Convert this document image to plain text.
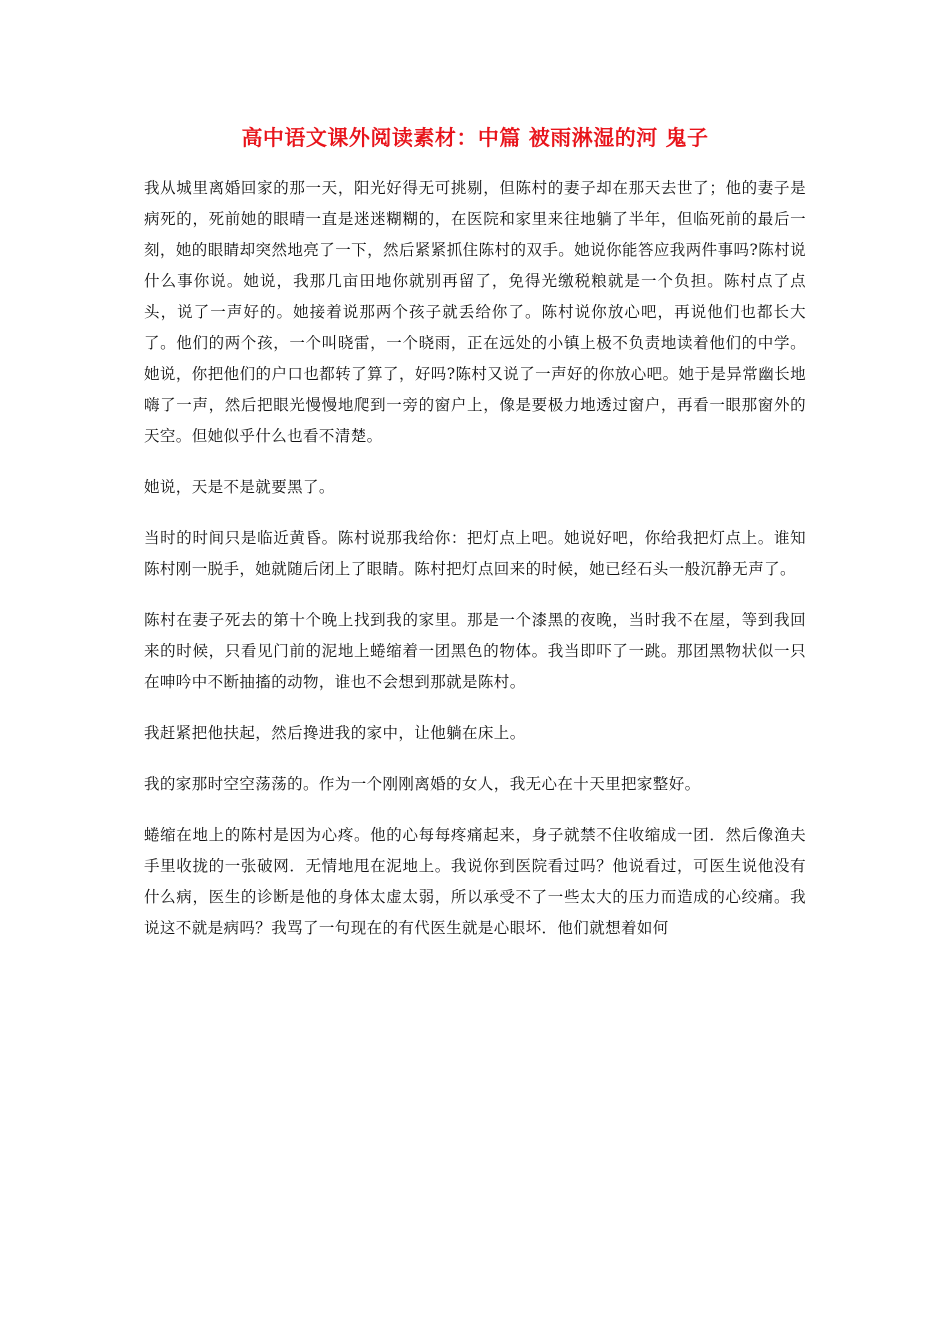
高中语文课外阅读素材：中篇 被雨淋湿的河 鬼子

我从城里离婚回家的那一天，阳光好得无可挑剔，但陈村的妻子却在那天去世了；他的妻子是病死的，死前她的眼晴一直是迷迷糊糊的，在医院和家里来往地躺了半年，但临死前的最后一刻，她的眼睛却突然地亮了一下，然后紧紧抓住陈村的双手。她说你能答应我两件事吗?陈村说什么事你说。她说，我那几亩田地你就别再留了，免得光缴税粮就是一个负担。陈村点了点头，说了一声好的。她接着说那两个孩子就丢给你了。陈村说你放心吧，再说他们也都长大了。他们的两个孩，一个叫晓雷，一个晓雨，正在远处的小镇上极不负责地读着他们的中学。她说，你把他们的户口也都转了算了，好吗?陈村又说了一声好的你放心吧。她于是异常幽长地嗨了一声，然后把眼光慢慢地爬到一旁的窗户上，像是要极力地透过窗户，再看一眼那窗外的天空。但她似乎什么也看不清楚。

她说，天是不是就要黑了。

当时的时间只是临近黄昏。陈村说那我给你：把灯点上吧。她说好吧，你给我把灯点上。谁知陈村刚一脱手，她就随后闭上了眼睛。陈村把灯点回来的时候，她已经石头一般沉静无声了。

陈村在妻子死去的第十个晚上找到我的家里。那是一个漆黑的夜晚，当时我不在屋，等到我回来的时候，只看见门前的泥地上蜷缩着一团黑色的物体。我当即吓了一跳。那团黑物状似一只在呻吟中不断抽搐的动物，谁也不会想到那就是陈村。

我赶紧把他扶起，然后搀进我的家中，让他躺在床上。

我的家那时空空荡荡的。作为一个刚刚离婚的女人，我无心在十天里把家整好。

蜷缩在地上的陈村是因为心疼。他的心每每疼痛起来，身子就禁不住收缩成一团．然后像渔夫手里收拢的一张破网．无情地甩在泥地上。我说你到医院看过吗？他说看过，可医生说他没有什么病，医生的诊断是他的身体太虚太弱，所以承受不了一些太大的压力而造成的心绞痛。我说这不就是病吗？我骂了一句现在的有代医生就是心眼坏．他们就想着如何
